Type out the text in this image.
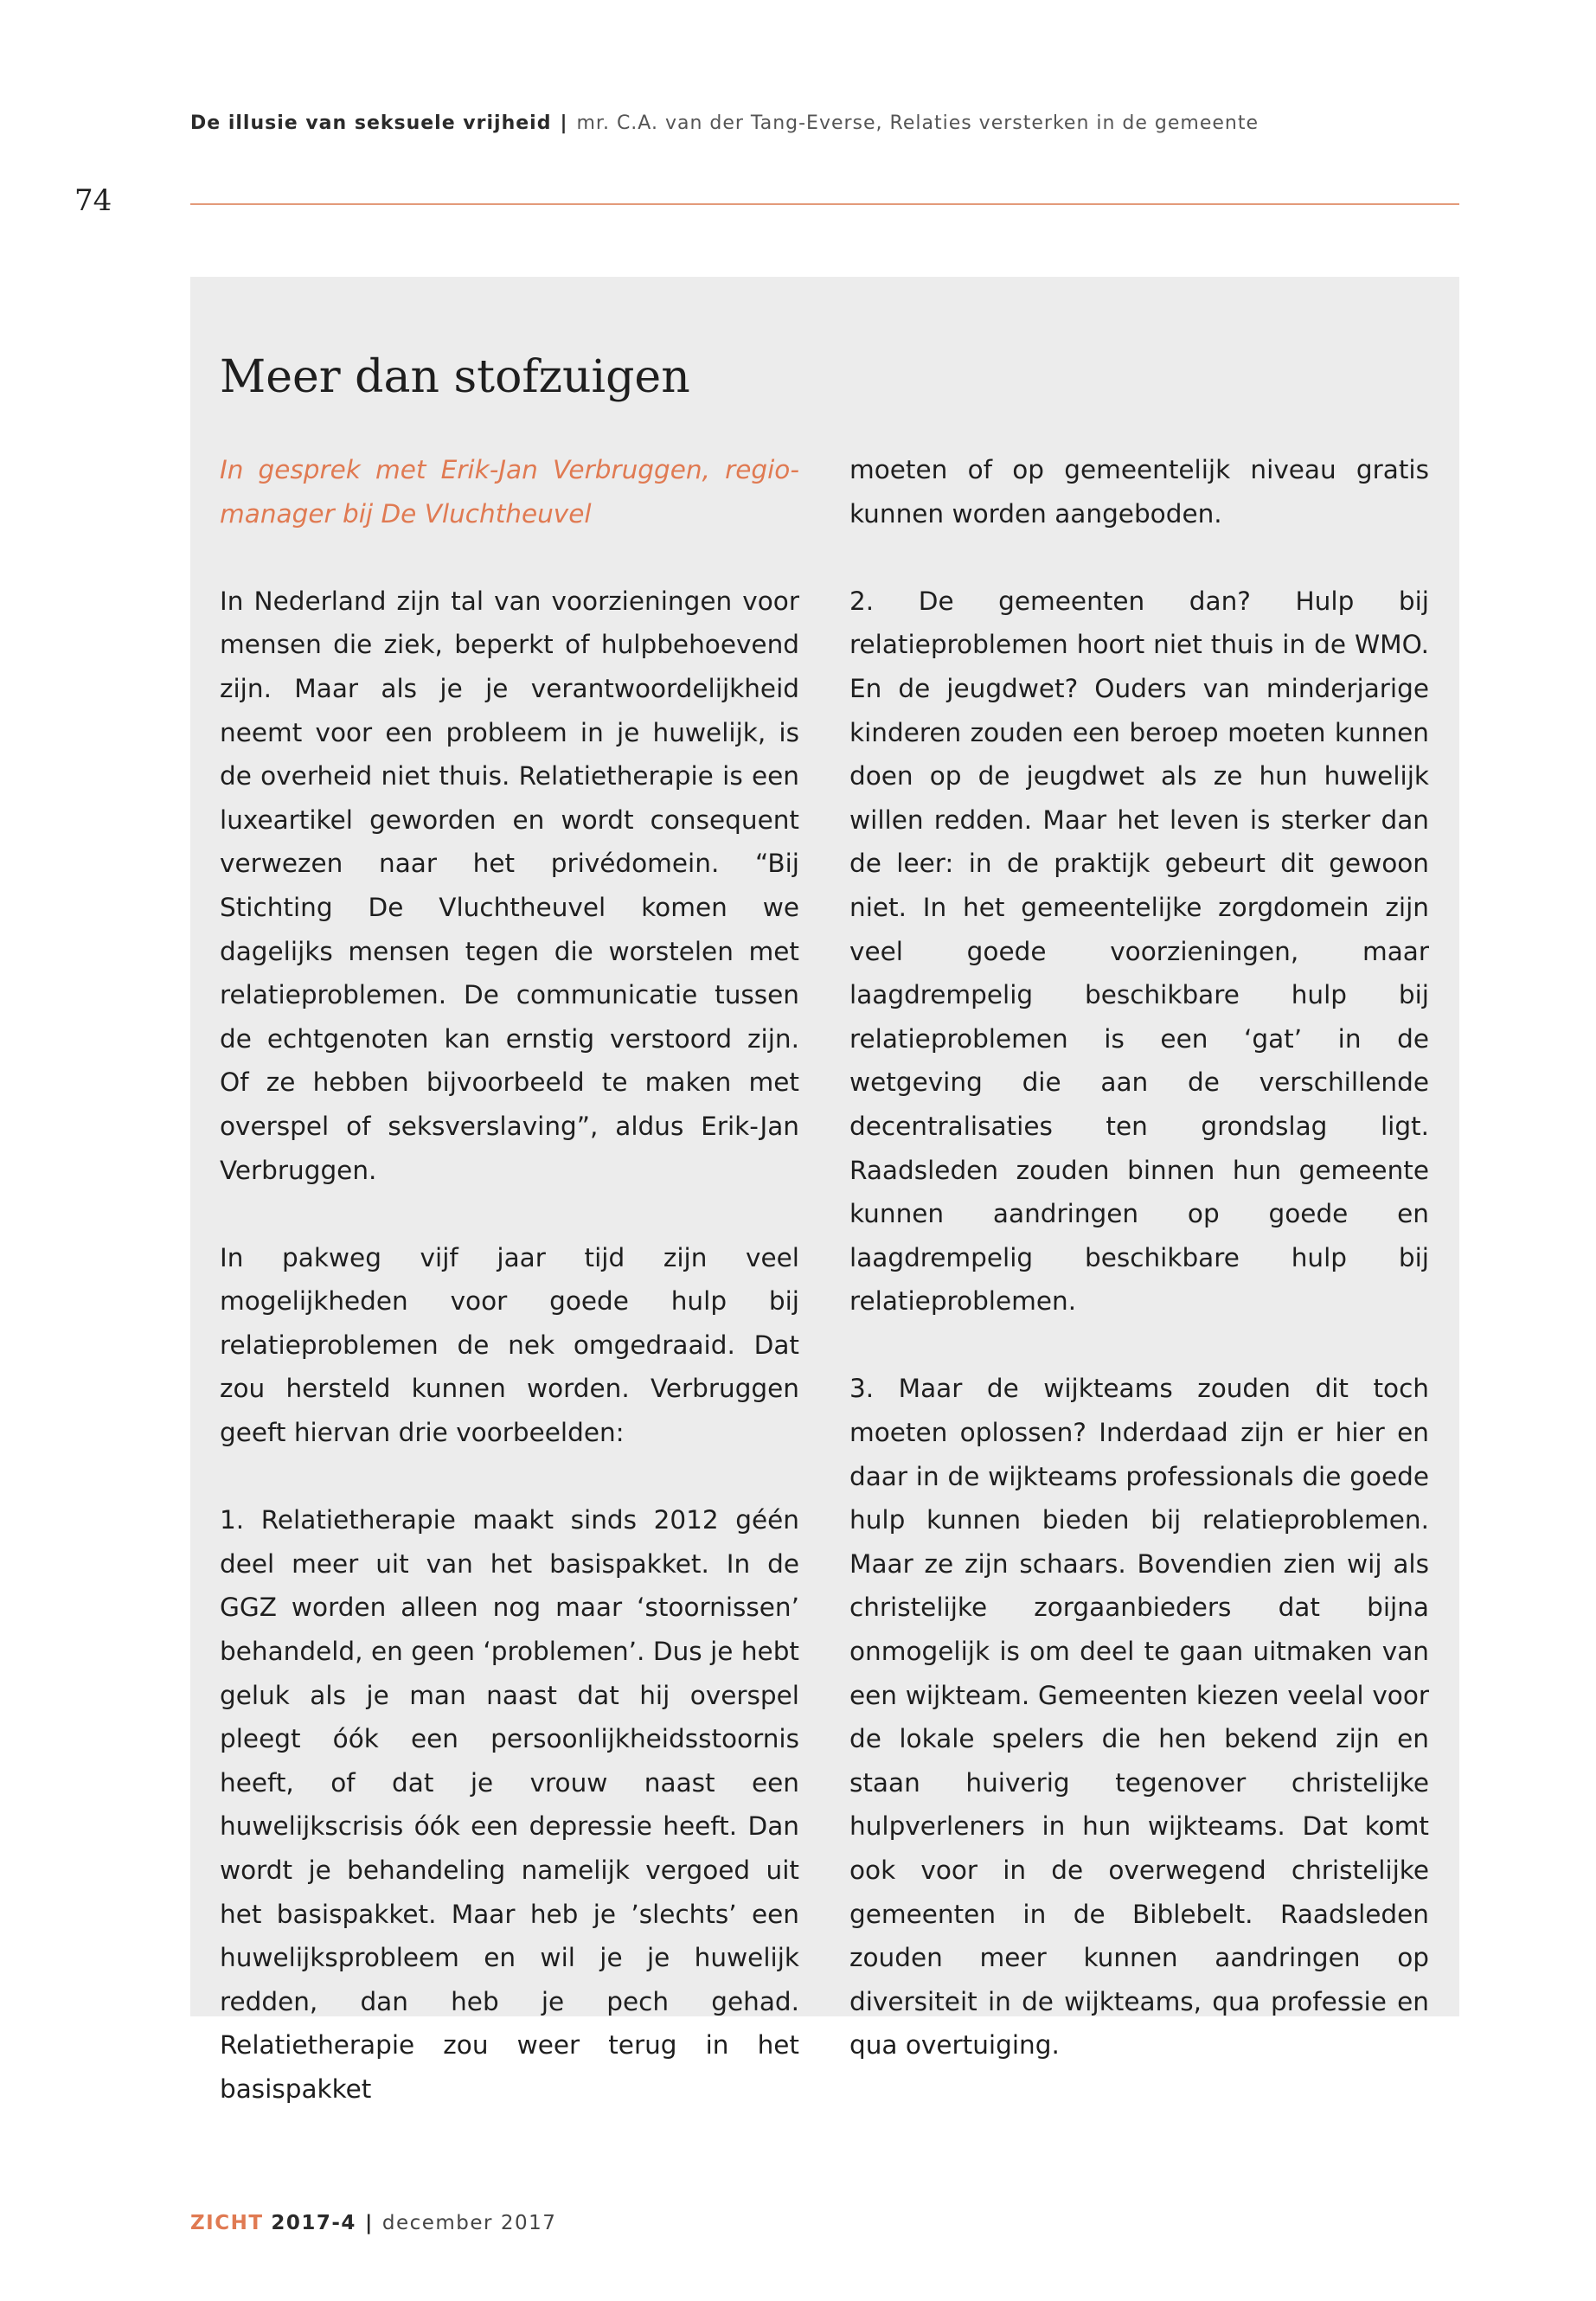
De illusie van seksuele vrijheid | mr. C.A. van der Tang-Everse, Relaties versterken in de gemeente
74
Meer dan stofzuigen

In gesprek met Erik-Jan Verbruggen, regio-manager bij De Vluchtheuvel

In Nederland zijn tal van voorzieningen voor mensen die ziek, beperkt of hulpbehoevend zijn. Maar als je je verantwoordelijkheid neemt voor een probleem in je huwelijk, is de overheid niet thuis. Relatietherapie is een luxeartikel geworden en wordt consequent verwezen naar het privédomein. “Bij Stichting De Vluchtheuvel komen we dagelijks mensen tegen die worstelen met relatieproblemen. De communicatie tussen de echtgenoten kan ernstig verstoord zijn. Of ze hebben bijvoorbeeld te maken met overspel of seksverslaving”, aldus Erik-Jan Verbruggen.

In pakweg vijf jaar tijd zijn veel mogelijkheden voor goede hulp bij relatieproblemen de nek omgedraaid. Dat zou hersteld kunnen worden. Verbruggen geeft hiervan drie voorbeelden:

1. Relatietherapie maakt sinds 2012 géén deel meer uit van het basispakket. In de GGZ worden alleen nog maar ‘stoornissen’ behandeld, en geen ‘problemen’. Dus je hebt geluk als je man naast dat hij overspel pleegt óók een persoonlijkheidsstoornis heeft, of dat je vrouw naast een huwelijkscrisis óók een depressie heeft. Dan wordt je behandeling namelijk vergoed uit het basispakket. Maar heb je ’slechts’ een huwelijksprobleem en wil je je huwelijk redden, dan heb je pech gehad. Relatietherapie zou weer terug in het basispakket

moeten of op gemeentelijk niveau gratis kunnen worden aangeboden.

2. De gemeenten dan? Hulp bij relatieproblemen hoort niet thuis in de WMO. En de jeugdwet? Ouders van minderjarige kinderen zouden een beroep moeten kunnen doen op de jeugdwet als ze hun huwelijk willen redden. Maar het leven is sterker dan de leer: in de praktijk gebeurt dit gewoon niet. In het gemeentelijke zorgdomein zijn veel goede voorzieningen, maar laagdrempelig beschikbare hulp bij relatieproblemen is een ‘gat’ in de wetgeving die aan de verschillende decentralisaties ten grondslag ligt. Raadsleden zouden binnen hun gemeente kunnen aandringen op goede en laagdrempelig beschikbare hulp bij relatieproblemen.

3. Maar de wijkteams zouden dit toch moeten oplossen? Inderdaad zijn er hier en daar in de wijkteams professionals die goede hulp kunnen bieden bij relatieproblemen. Maar ze zijn schaars. Bovendien zien wij als christelijke zorgaanbieders dat bijna onmogelijk is om deel te gaan uitmaken van een wijkteam. Gemeenten kiezen veelal voor de lokale spelers die hen bekend zijn en staan huiverig tegenover christelijke hulpverleners in hun wijkteams. Dat komt ook voor in de overwegend christelijke gemeenten in de Biblebelt. Raadsleden zouden meer kunnen aandringen op diversiteit in de wijkteams, qua professie en qua overtuiging.

ZICHT 2017-4 | december 2017
